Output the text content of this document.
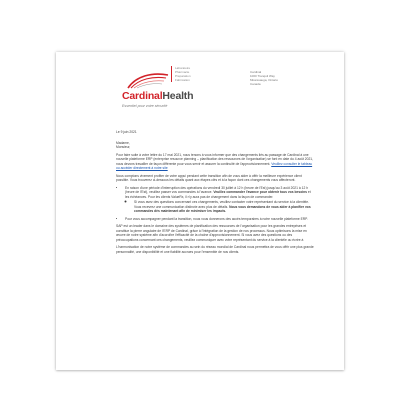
CardinalHealth
Essentiel pour votre sécurité
Laboratoire
Pharmacie
Préparation
Fabrication
Cardinal
1000 Tranquil Way
Mississauga, Ontario
Canada

Le 9 juin 2021

Madame,
Monsieur,

Pour faire suite à votre lettre du 17 mai 2021, nous tenons à vous informer que des changements liés au passage de Cardinal à une nouvelle plateforme ERP (enterprise resource planning – planification des ressources de l'organisation) se font en date du 4 août 2021, nous devons travailler de façon différente pour vous servir et assurer la continuité de l'approvisionnement. Veuillez consulter le tableau ou accéder directement à notre site

Nous comptons vivement profiter de votre appui pendant cette transition afin de vous aider à offrir la meilleure expérience client possible. Vous trouverez ci-dessous les détails quant aux étapes clés et à la façon dont ces changements vous affecteront.

• En raison d'une période d'interruption des opérations du vendredi 30 juillet à 12 h (heure de l'Est) jusqu'au 3 août 2021 à 12 h (heure de l'Est), veuillez passer vos commandes à l'avance. Veuillez commander l'avance pour obtenir tous vos besoins et les échéances. Pour les clients ValueRx, il n'y aura pas de changement dans la façon de commander.
◦ Si vous avez des questions concernant ces changements, veuillez contacter votre représentant du service à la clientèle. Vous recevrez une communication distincte avec plus de détails. Nous vous demandons de vous aider à planifier vos commandes dès maintenant afin de minimiser les impacts.
• Pour vous accompagner pendant la transition, nous vous donnerons des accès temporaires à notre nouvelle plateforme ERP.

SAP est un leader dans le domaine des systèmes de planification des ressources de l'organisation pour les grandes entreprises et constitue la pierre angulaire de l'ERP de Cardinal, grâce à l'intégration de la gestion de nos processus. Nous optimisons la mise en œuvre de notre système afin d'accroître l'efficacité de la chaîne d'approvisionnement. Si vous avez des questions ou des préoccupations concernant ces changements, veuillez communiquer avec votre représentant du service à la clientèle ou écrire à

L'harmonisation de notre système de commandes au sein du réseau mondial de Cardinal nous permettra de vous offrir une plus grande personnalité, une disponibilité et une fiabilité accrues pour l'ensemble de nos clients.
